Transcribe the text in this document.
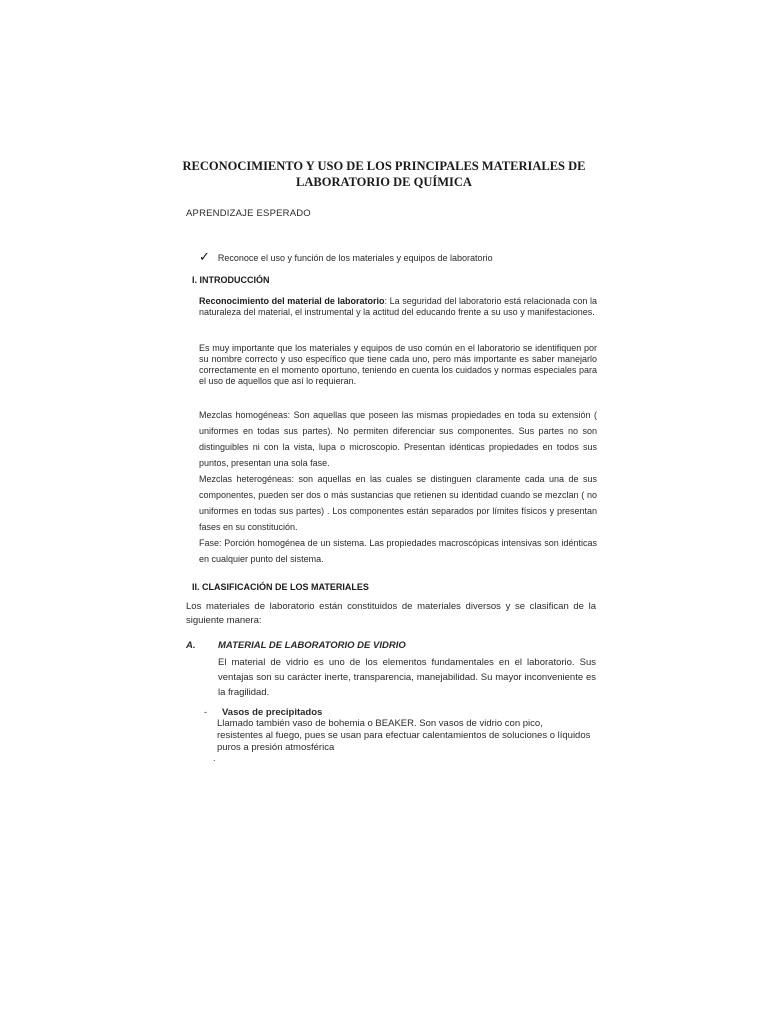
RECONOCIMIENTO Y USO DE LOS PRINCIPALES MATERIALES DE
LABORATORIO DE QUÍMICA
APRENDIZAJE ESPERADO
✓ Reconoce el uso y función de los materiales y equipos de laboratorio
I. INTRODUCCIÓN
Reconocimiento del material de laboratorio: La seguridad del laboratorio está relacionada con la naturaleza del material, el instrumental y la actitud del educando frente a su uso y manifestaciones.
Es muy importante que los materiales y equipos de uso común en el laboratorio se identifiquen por su nombre correcto y uso específico que tiene cada uno, pero más importante es saber manejarlo correctamente en el momento oportuno, teniendo en cuenta los cuidados y normas especiales para el uso de aquellos que así lo requieran.

Mezclas homogéneas: Son aquellas que poseen las mismas propiedades en toda su extensión ( uniformes en todas sus partes). No permiten diferenciar sus componentes. Sus partes no son distinguibles ni con la vista, lupa o microscopio. Presentan idénticas propiedades en todos sus puntos, presentan una sola fase.

Mezclas heterogéneas: son aquellas en las cuales se distinguen claramente cada una de sus componentes, pueden ser dos o más sustancias que retienen su identidad cuando se mezclan ( no uniformes en todas sus partes) . Los componentes están separados por límites físicos y presentan fases en su constitución.

Fase: Porción homogénea de un sistema. Las propiedades macroscópicas intensivas son idénticas en cualquier punto del sistema.

II. CLASIFICACIÓN DE LOS MATERIALES
Los materiales de laboratorio están constituidos de materiales diversos y se clasifican de la siguiente manera:
A. MATERIAL DE LABORATORIO DE VIDRIO
El material de vidrio es uno de los elementos fundamentales en el laboratorio. Sus ventajas son su carácter inerte, transparencia, manejabilidad. Su mayor inconveniente es la fragilidad.
- Vasos de precipitados
Llamado también vaso de bohemia o BEAKER. Son vasos de vidrio con pico, resistentes al fuego, pues se usan para efectuar calentamientos de soluciones o líquidos puros a presión atmosférica
.
